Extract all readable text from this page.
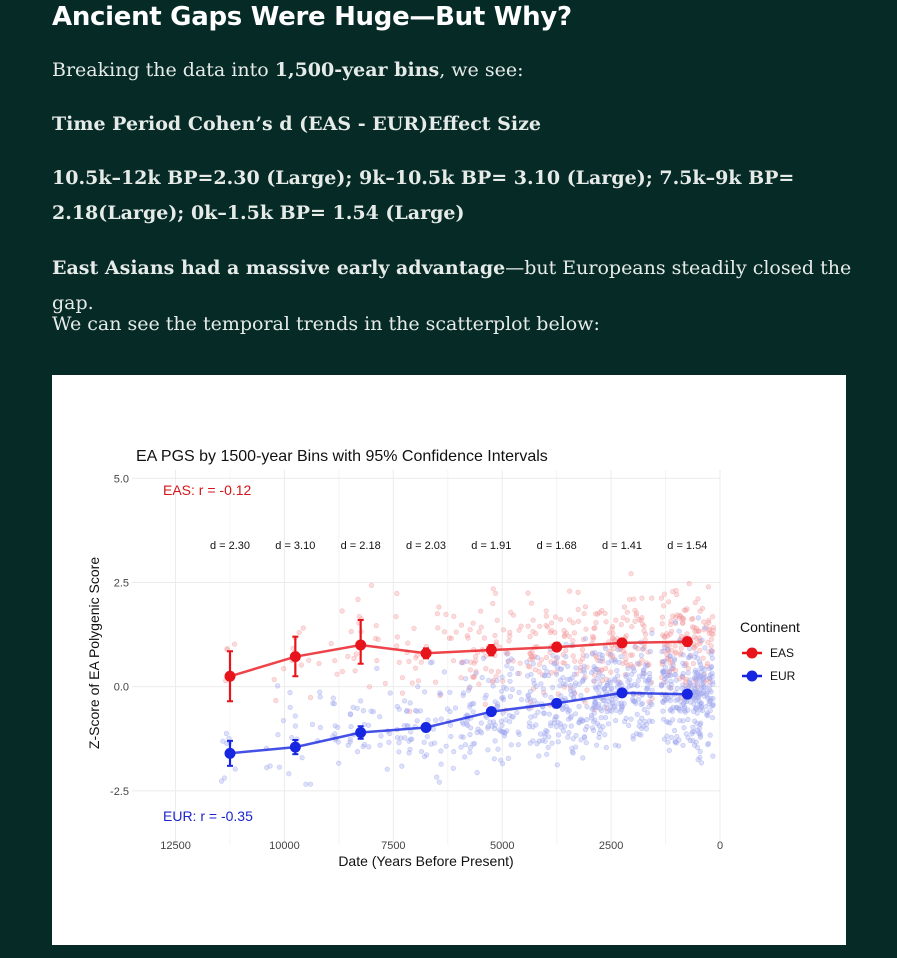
Ancient Gaps Were Huge—But Why?

Breaking the data into 1,500-year bins, we see:

Time Period Cohen’s d (EAS - EUR)Effect Size

10.5k–12k BP=2.30 (Large); 9k–10.5k BP= 3.10 (Large); 7.5k–9k BP= 2.18(Large); 0k–1.5k BP= 1.54 (Large)

East Asians had a massive early advantage—but Europeans steadily closed the gap.

We can see the temporal trends in the scatterplot below:

EA PGS by 1500-year Bins with 95% Confidence Intervals
EAS: r = -0.12
EUR: r = -0.35
d = 2.30 d = 3.10 d = 2.18 d = 2.03 d = 1.91 d = 1.68 d = 1.41 d = 1.54
12500	10000	7500	5000	2500	0
5.0
2.5
0.0
-2.5
Date (Years Before Present)
Z-Score of EA Polygenic Score	Continent
EAS
EUR
